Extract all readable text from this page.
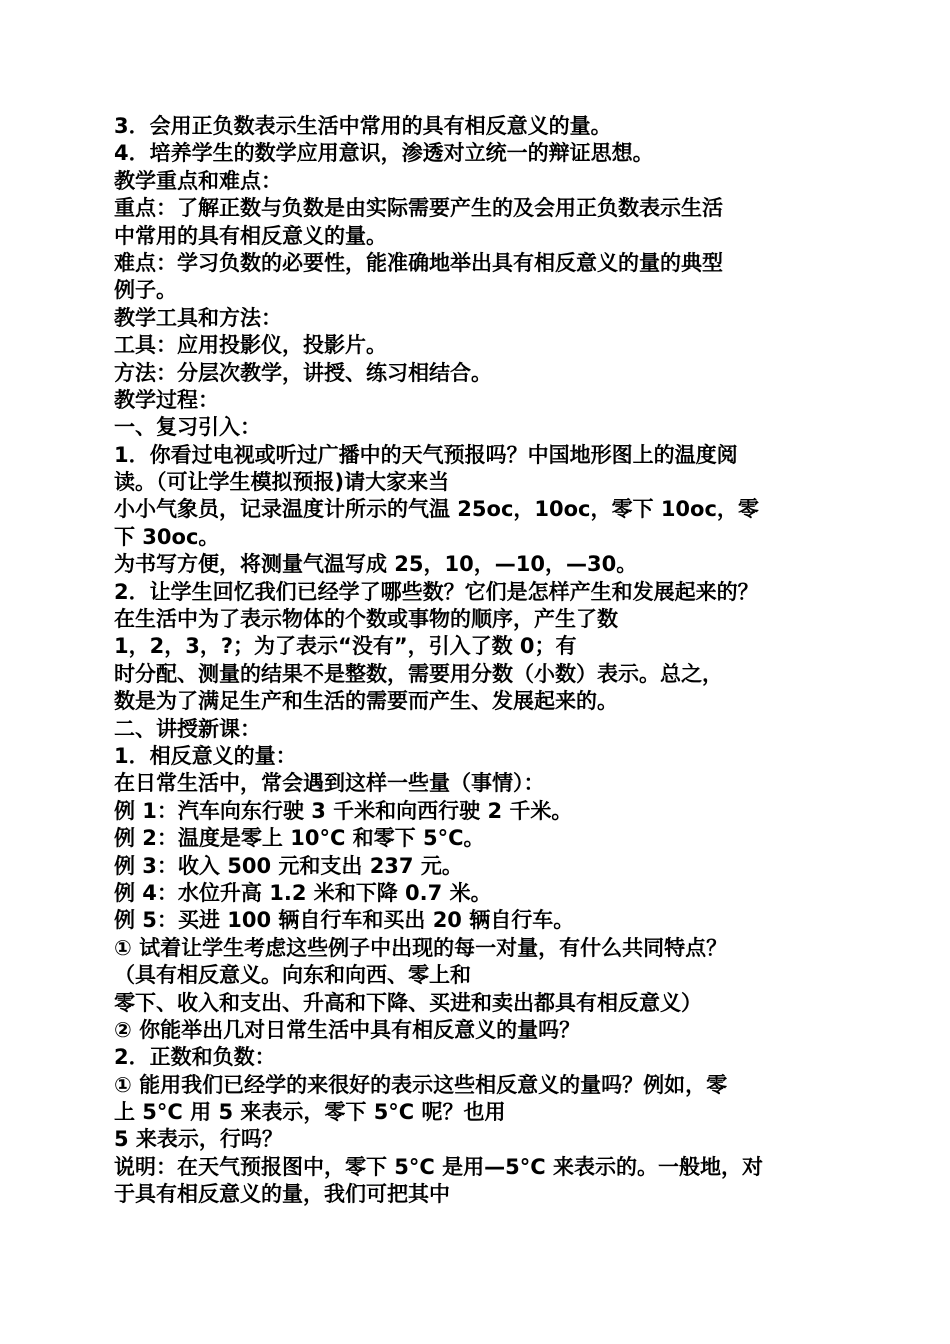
3．会用正负数表示生活中常用的具有相反意义的量。
4．培养学生的数学应用意识，渗透对立统一的辩证思想。
教学重点和难点：
重点：了解正数与负数是由实际需要产生的及会用正负数表示生活
中常用的具有相反意义的量。
难点：学习负数的必要性，能准确地举出具有相反意义的量的典型
例子。
教学工具和方法：
工具：应用投影仪，投影片。
方法：分层次教学，讲授、练习相结合。
教学过程：
一、复习引入：
1．你看过电视或听过广播中的天气预报吗？中国地形图上的温度阅
读。（可让学生模拟预报)请大家来当
小小气象员，记录温度计所示的气温 25oc，10oc，零下 10oc，零
下 30oc。
为书写方便，将测量气温写成 25，10，—10，—30。
2．让学生回忆我们已经学了哪些数？它们是怎样产生和发展起来的？
在生活中为了表示物体的个数或事物的顺序，产生了数
1，2，3，?；为了表示“没有”，引入了数 0；有
时分配、测量的结果不是整数，需要用分数（小数）表示。总之，
数是为了满足生产和生活的需要而产生、发展起来的。
二、讲授新课：
1．相反意义的量：
在日常生活中，常会遇到这样一些量（事情）：
例 1：汽车向东行驶 3 千米和向西行驶 2 千米。
例 2：温度是零上 10°C 和零下 5°C。
例 3：收入 500 元和支出 237 元。
例 4：水位升高 1.2 米和下降 0.7 米。
例 5：买进 100 辆自行车和买出 20 辆自行车。
① 试着让学生考虑这些例子中出现的每一对量，有什么共同特点？
（具有相反意义。向东和向西、零上和
零下、收入和支出、升高和下降、买进和卖出都具有相反意义）
② 你能举出几对日常生活中具有相反意义的量吗？
2．正数和负数：
① 能用我们已经学的来很好的表示这些相反意义的量吗？例如，零
上 5°C 用 5 来表示，零下 5°C 呢？也用
5 来表示，行吗？
说明：在天气预报图中，零下 5°C 是用—5°C 来表示的。一般地，对
于具有相反意义的量，我们可把其中
